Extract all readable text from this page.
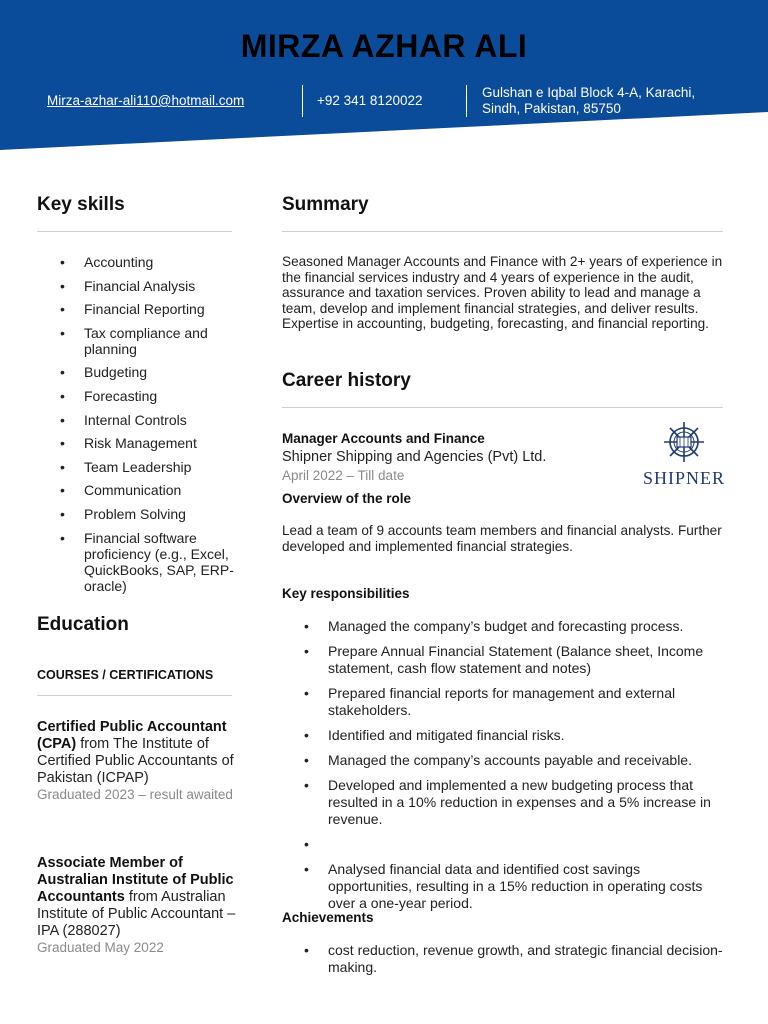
MIRZA AZHAR ALI
Mirza-azhar-ali110@hotmail.com	+92 341 8120022
Gulshan e Iqbal Block 4-A, Karachi,
Sindh, Pakistan, 85750
Key skills
• Accounting
• Financial Analysis
• Financial Reporting
• Tax compliance and planning
• Budgeting
• Forecasting
• Internal Controls
• Risk Management
• Team Leadership
• Communication
• Problem Solving
• Financial software proficiency (e.g., Excel, QuickBooks, SAP, ERP- oracle)
Education
COURSES / CERTIFICATIONS
Certified Public Accountant (CPA) from The Institute of Certified Public Accountants of Pakistan (ICPAP)
Graduated 2023 – result awaited
Associate Member of Australian Institute of Public Accountants from Australian Institute of Public Accountant – IPA (288027)
Graduated May 2022
Summary
Seasoned Manager Accounts and Finance with 2+ years of experience in the financial services industry and 4 years of experience in the audit, assurance and taxation services. Proven ability to lead and manage a team, develop and implement financial strategies, and deliver results. Expertise in accounting, budgeting, forecasting, and financial reporting.
Career history
Manager Accounts and Finance
Shipner Shipping and Agencies (Pvt) Ltd.
April 2022 – Till date	SHIPNER
Overview of the role
Lead a team of 9 accounts team members and financial analysts. Further developed and implemented financial strategies.
Key responsibilities
• Managed the company’s budget and forecasting process.
• Prepare Annual Financial Statement (Balance sheet, Income statement, cash flow statement and notes)
• Prepared financial reports for management and external stakeholders.
• Identified and mitigated financial risks.
• Managed the company’s accounts payable and receivable.
• Developed and implemented a new budgeting process that resulted in a 10% reduction in expenses and a 5% increase in revenue.
•
• Analysed financial data and identified cost savings opportunities, resulting in a 15% reduction in operating costs over a one-year period.
Achievements
• cost reduction, revenue growth, and strategic financial decision-making.
